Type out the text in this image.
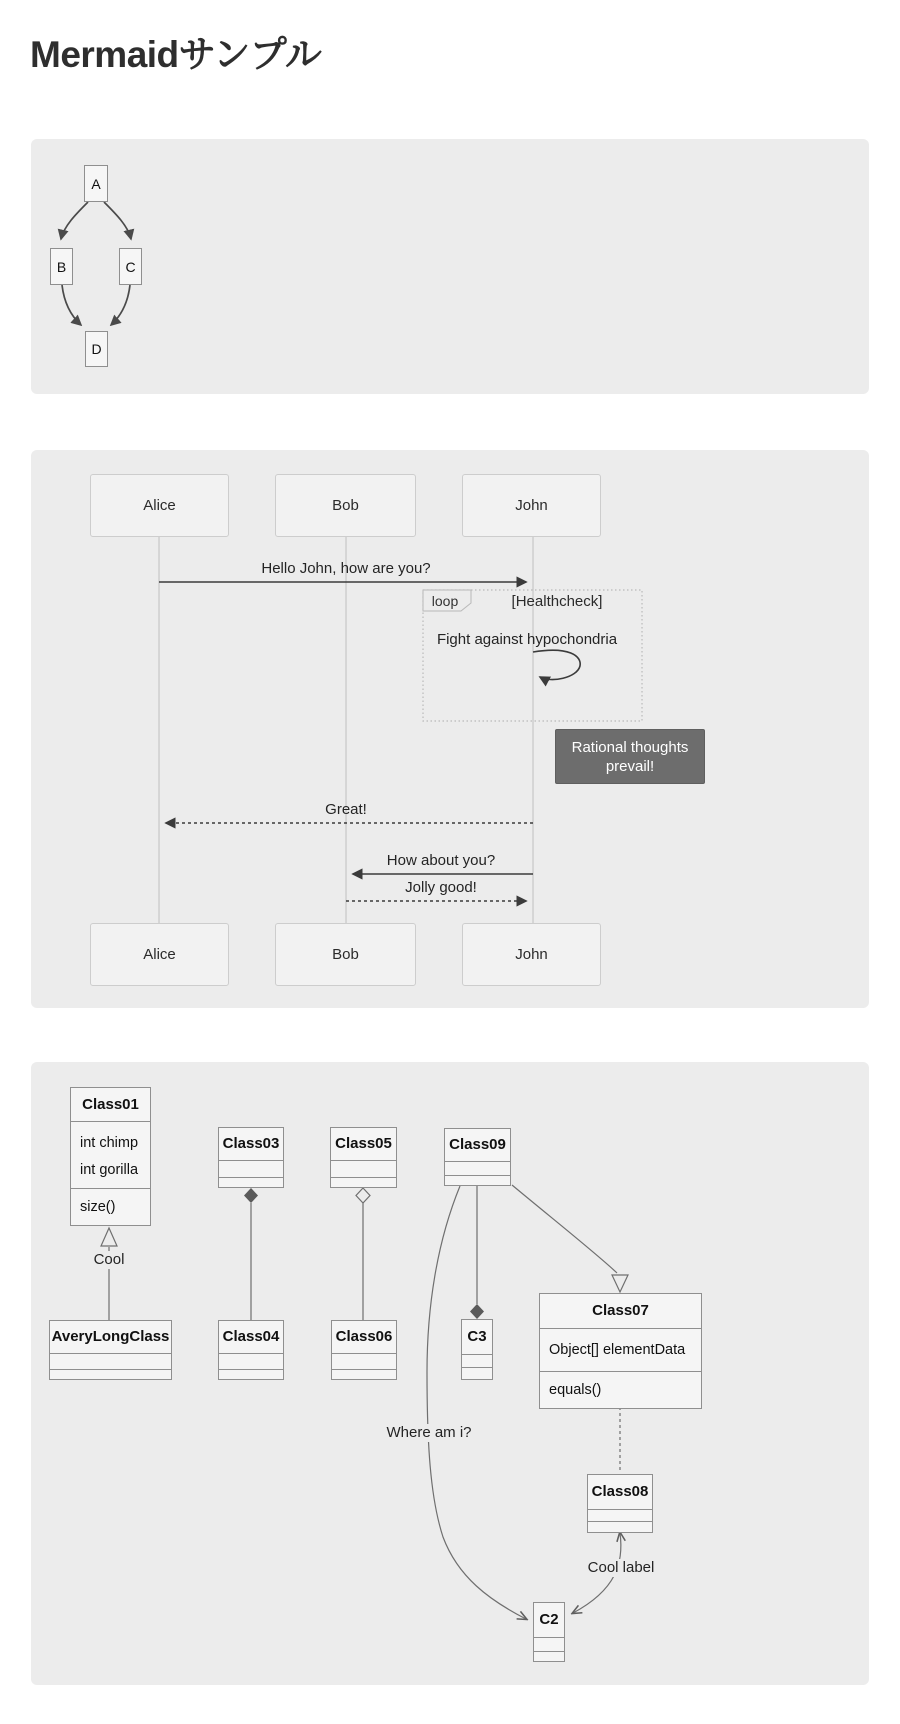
Mermaidサンプル
A
B	C
D
Alice	Bob	John
Alice	Bob	John
Hello John, how are you?
loop	[Healthcheck]
Fight against hypochondria
Rational thoughts prevail!
Great!
How about you?
Jolly good!
Class01
int chimp
int gorilla
size()
AveryLongClass
Class03
Class04
Class05
Class06
Class09
C3
Class07
Object[] elementData
equals()
Class08
C2
Cool
Where am i?
Cool label
